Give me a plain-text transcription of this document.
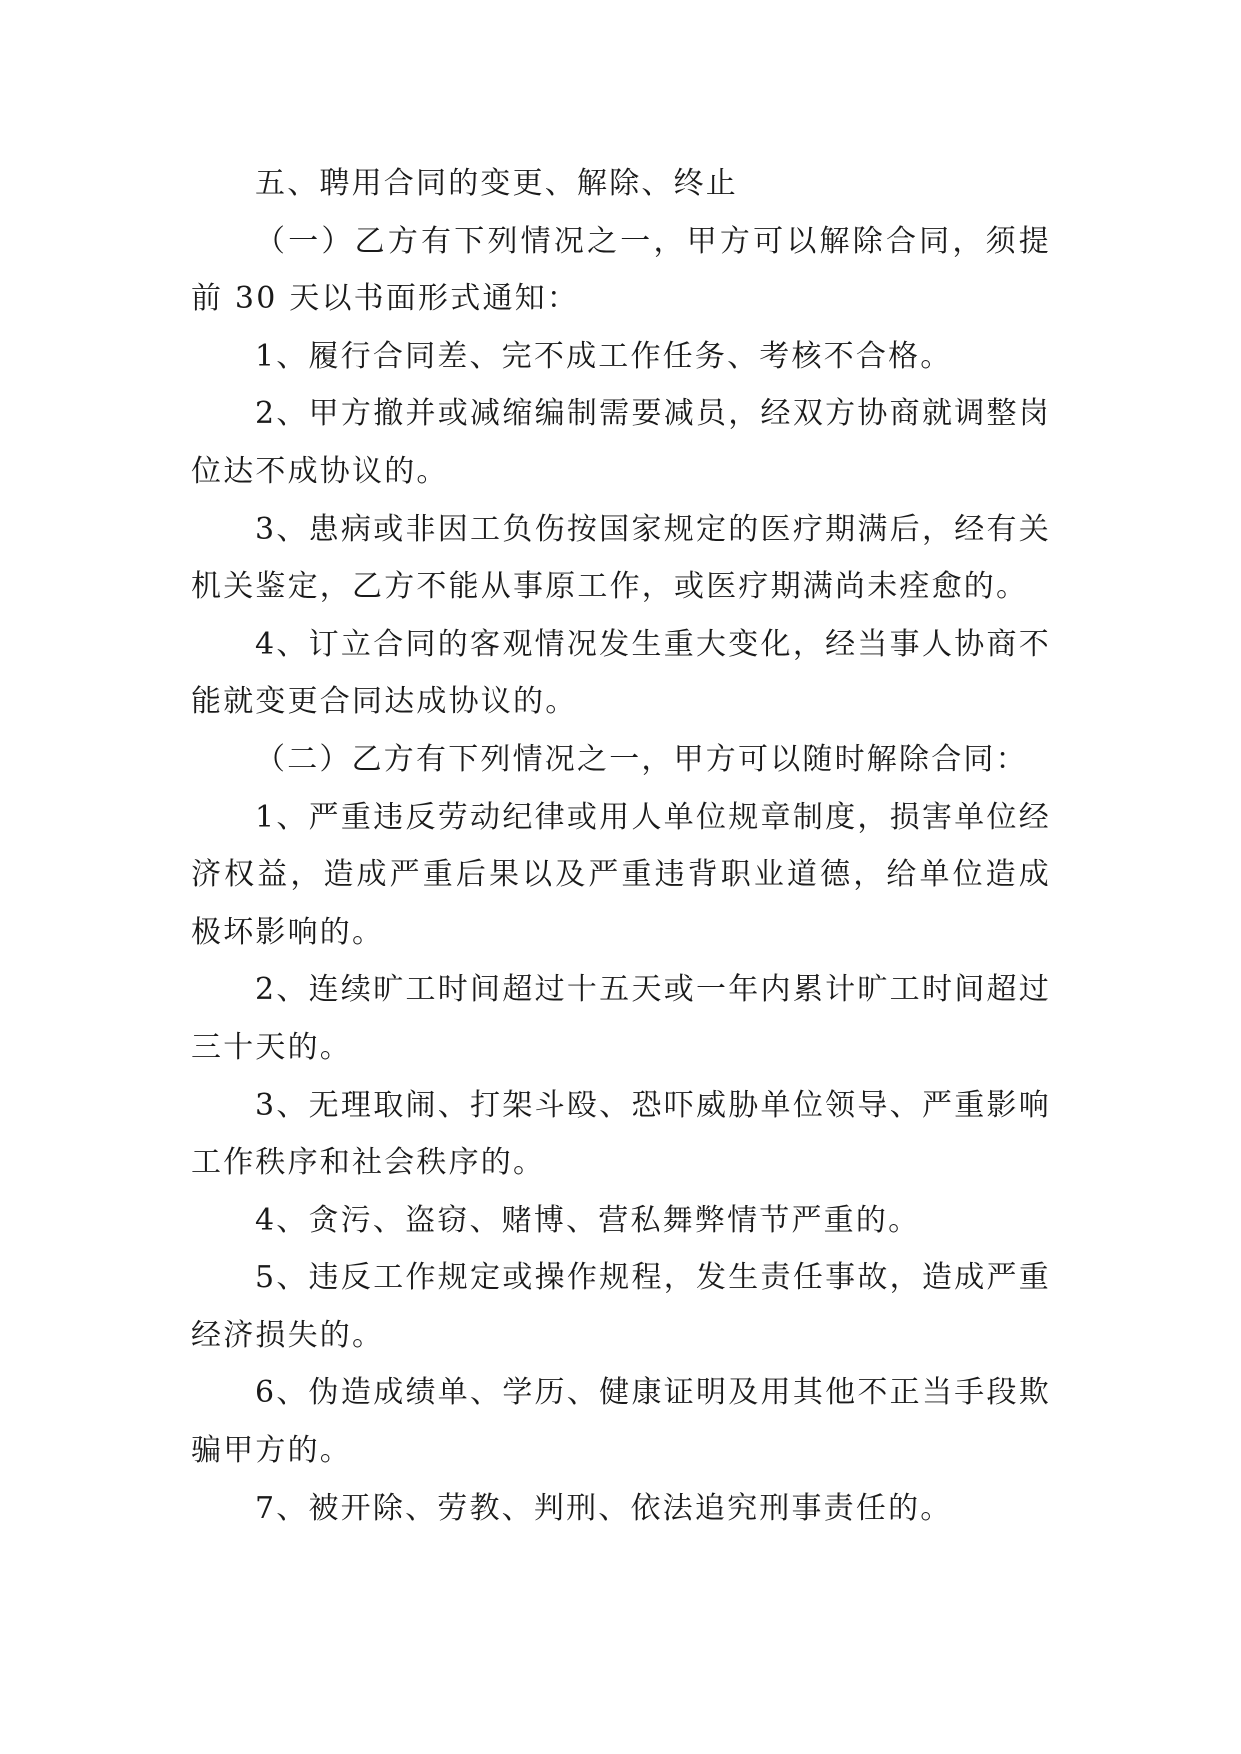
五、聘用合同的变更、解除、终止

（一）乙方有下列情况之一，甲方可以解除合同，须提前 30 天以书面形式通知：

1、履行合同差、完不成工作任务、考核不合格。

2、甲方撤并或减缩编制需要减员，经双方协商就调整岗位达不成协议的。

3、患病或非因工负伤按国家规定的医疗期满后，经有关机关鉴定，乙方不能从事原工作，或医疗期满尚未痊愈的。

4、订立合同的客观情况发生重大变化，经当事人协商不能就变更合同达成协议的。

（二）乙方有下列情况之一，甲方可以随时解除合同：

1、严重违反劳动纪律或用人单位规章制度，损害单位经济权益，造成严重后果以及严重违背职业道德，给单位造成极坏影响的。

2、连续旷工时间超过十五天或一年内累计旷工时间超过三十天的。

3、无理取闹、打架斗殴、恐吓威胁单位领导、严重影响工作秩序和社会秩序的。

4、贪污、盗窃、赌博、营私舞弊情节严重的。

5、违反工作规定或操作规程，发生责任事故，造成严重经济损失的。

6、伪造成绩单、学历、健康证明及用其他不正当手段欺骗甲方的。

7、被开除、劳教、判刑、依法追究刑事责任的。
